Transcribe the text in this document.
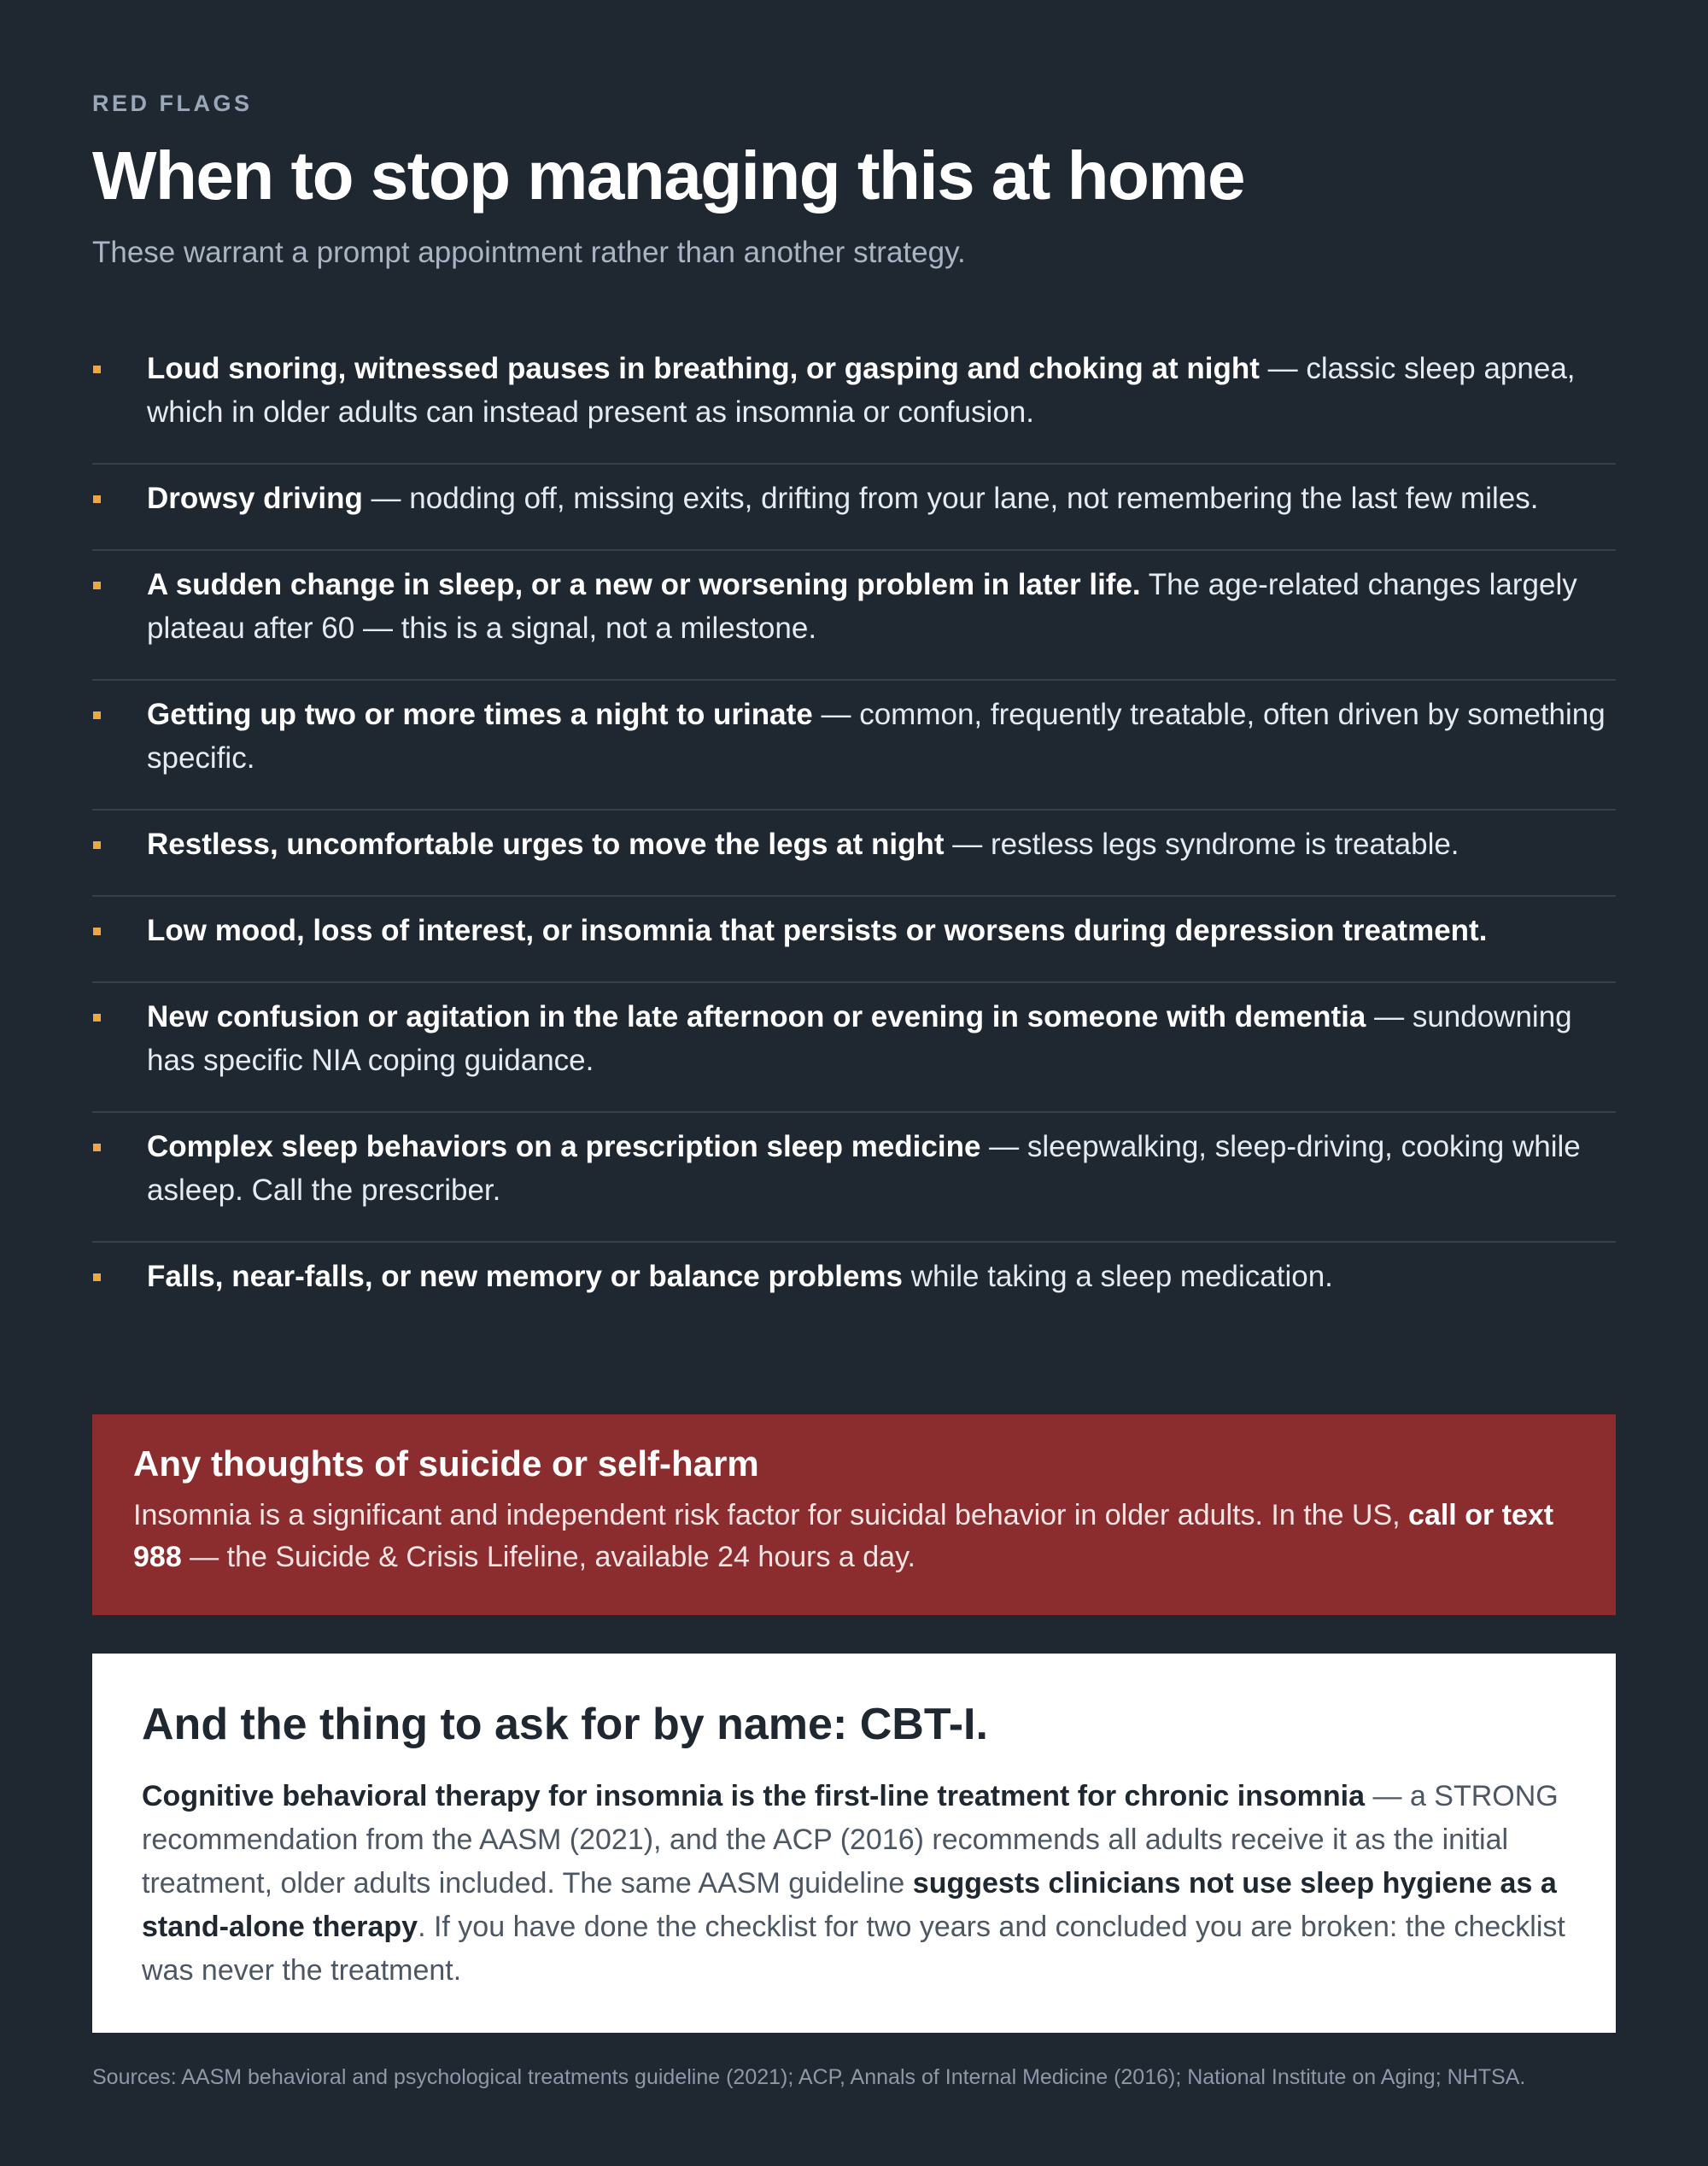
RED FLAGS
When to stop managing this at home
These warrant a prompt appointment rather than another strategy.
Loud snoring, witnessed pauses in breathing, or gasping and choking at night — classic sleep apnea, which in older adults can instead present as insomnia or confusion.
Drowsy driving — nodding off, missing exits, drifting from your lane, not remembering the last few miles.
A sudden change in sleep, or a new or worsening problem in later life. The age-related changes largely plateau after 60 — this is a signal, not a milestone.
Getting up two or more times a night to urinate — common, frequently treatable, often driven by something specific.
Restless, uncomfortable urges to move the legs at night — restless legs syndrome is treatable.
Low mood, loss of interest, or insomnia that persists or worsens during depression treatment.
New confusion or agitation in the late afternoon or evening in someone with dementia — sundowning has specific NIA coping guidance.
Complex sleep behaviors on a prescription sleep medicine — sleepwalking, sleep-driving, cooking while asleep. Call the prescriber.
Falls, near-falls, or new memory or balance problems while taking a sleep medication.
Any thoughts of suicide or self-harm
Insomnia is a significant and independent risk factor for suicidal behavior in older adults. In the US, call or text 988 — the Suicide & Crisis Lifeline, available 24 hours a day.
And the thing to ask for by name: CBT-I.
Cognitive behavioral therapy for insomnia is the first-line treatment for chronic insomnia — a STRONG recommendation from the AASM (2021), and the ACP (2016) recommends all adults receive it as the initial treatment, older adults included. The same AASM guideline suggests clinicians not use sleep hygiene as a stand-alone therapy. If you have done the checklist for two years and concluded you are broken: the checklist was never the treatment.
Sources: AASM behavioral and psychological treatments guideline (2021); ACP, Annals of Internal Medicine (2016); National Institute on Aging; NHTSA.
